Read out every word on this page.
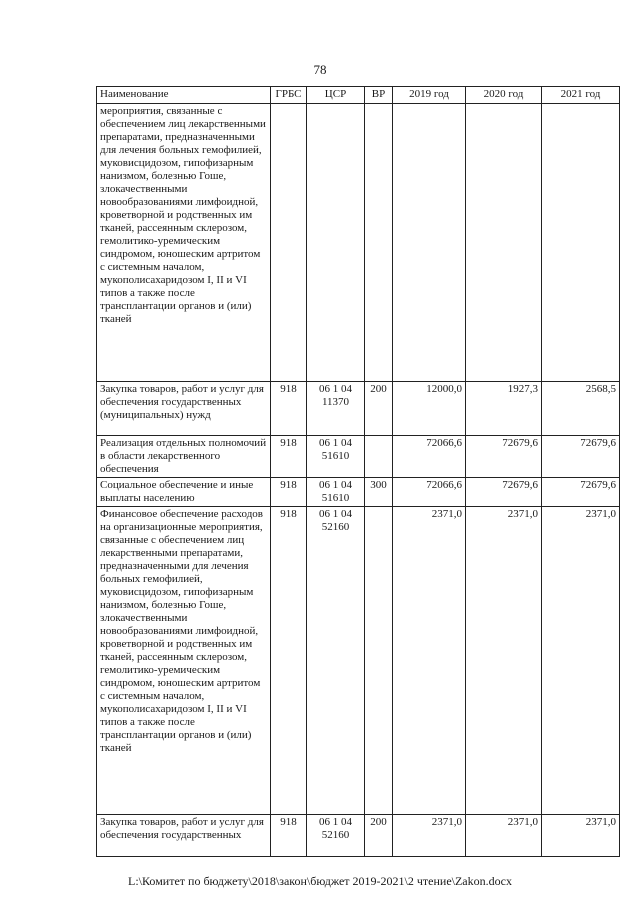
78
Наименование	ГРБС	ЦСР	ВР	2019 год	2020 год	2021 год
мероприятия, связанные с обеспечением лиц лекарственными препаратами, предназначенными для лечения больных гемофилией, муковисцидозом, гипофизарным нанизмом, болезнью Гоше, злокачественными новообразованиями лимфоидной, кроветворной и родственных им тканей, рассеянным склерозом, гемолитико-уремическим синдромом, юношеским артритом с системным началом, мукополисахаридозом I, II и VI типов а также после трансплантации органов и (или) тканей						
Закупка товаров, работ и услуг для обеспечения государственных (муниципальных) нужд	918	06 1 04 11370	200	12000,0	1927,3	2568,5
Реализация отдельных полномочий в области лекарственного обеспечения	918	06 1 04 51610		72066,6	72679,6	72679,6
Социальное обеспечение и иные выплаты населению	918	06 1 04 51610	300	72066,6	72679,6	72679,6
Финансовое обеспечение расходов на организационные мероприятия, связанные с обеспечением лиц лекарственными препаратами, предназначенными для лечения больных гемофилией, муковисцидозом, гипофизарным нанизмом, болезнью Гоше, злокачественными новообразованиями лимфоидной, кроветворной и родственных им тканей, рассеянным склерозом, гемолитико-уремическим синдромом, юношеским артритом с системным началом, мукополисахаридозом I, II и VI типов а также после трансплантации органов и (или) тканей	918	06 1 04 52160		2371,0	2371,0	2371,0
Закупка товаров, работ и услуг для обеспечения государственных	918	06 1 04 52160	200	2371,0	2371,0	2371,0
L:\Комитет по бюджету\2018\закон\бюджет 2019-2021\2 чтение\Zakon.docx
